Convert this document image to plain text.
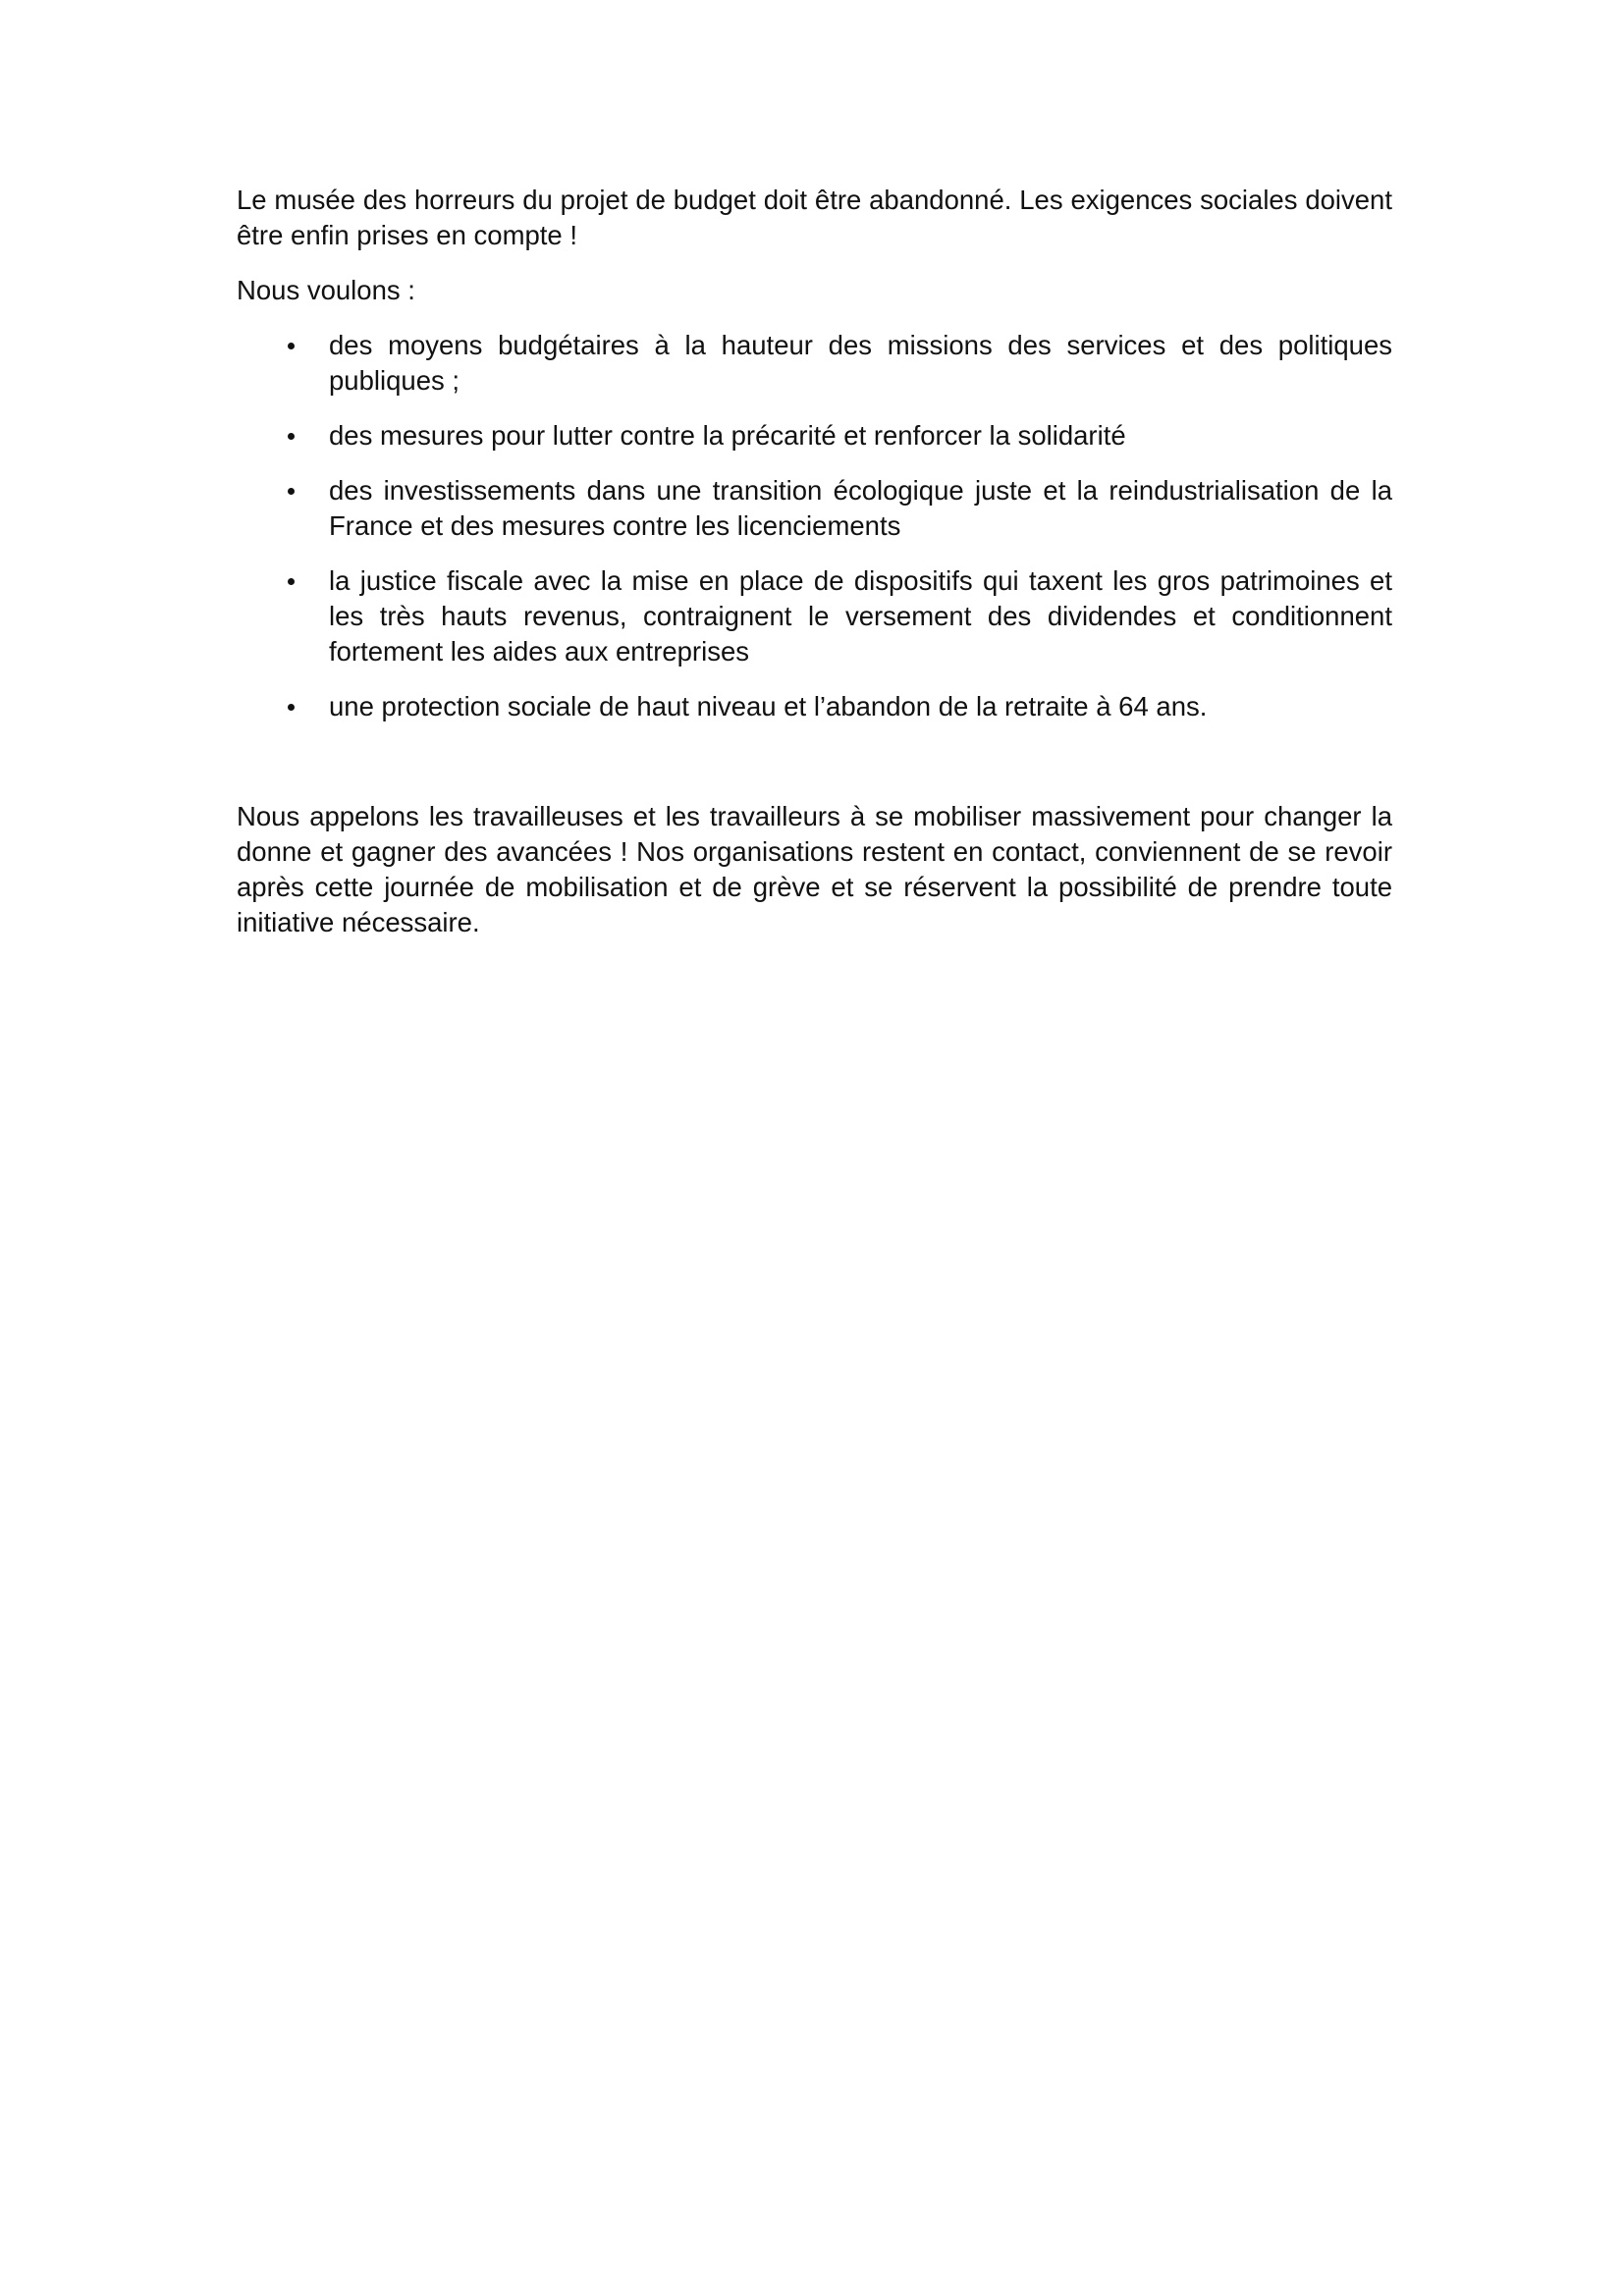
Le musée des horreurs du projet de budget doit être abandonné. Les exigences sociales doivent être enfin prises en compte !

Nous voulons :

des moyens budgétaires à la hauteur des missions des services et des politiques publiques ;
des mesures pour lutter contre la précarité et renforcer la solidarité
des investissements dans une transition écologique juste et la reindustrialisation de la France et des mesures contre les licenciements
la justice fiscale avec la mise en place de dispositifs qui taxent les gros patrimoines et les très hauts revenus, contraignent le versement des dividendes et conditionnent fortement les aides aux entreprises
une protection sociale de haut niveau et l’abandon de la retraite à 64 ans.

Nous appelons les travailleuses et les travailleurs à se mobiliser massivement pour changer la donne et gagner des avancées ! Nos organisations restent en contact, conviennent de se revoir après cette journée de mobilisation et de grève et se réservent la possibilité de prendre toute initiative nécessaire.
